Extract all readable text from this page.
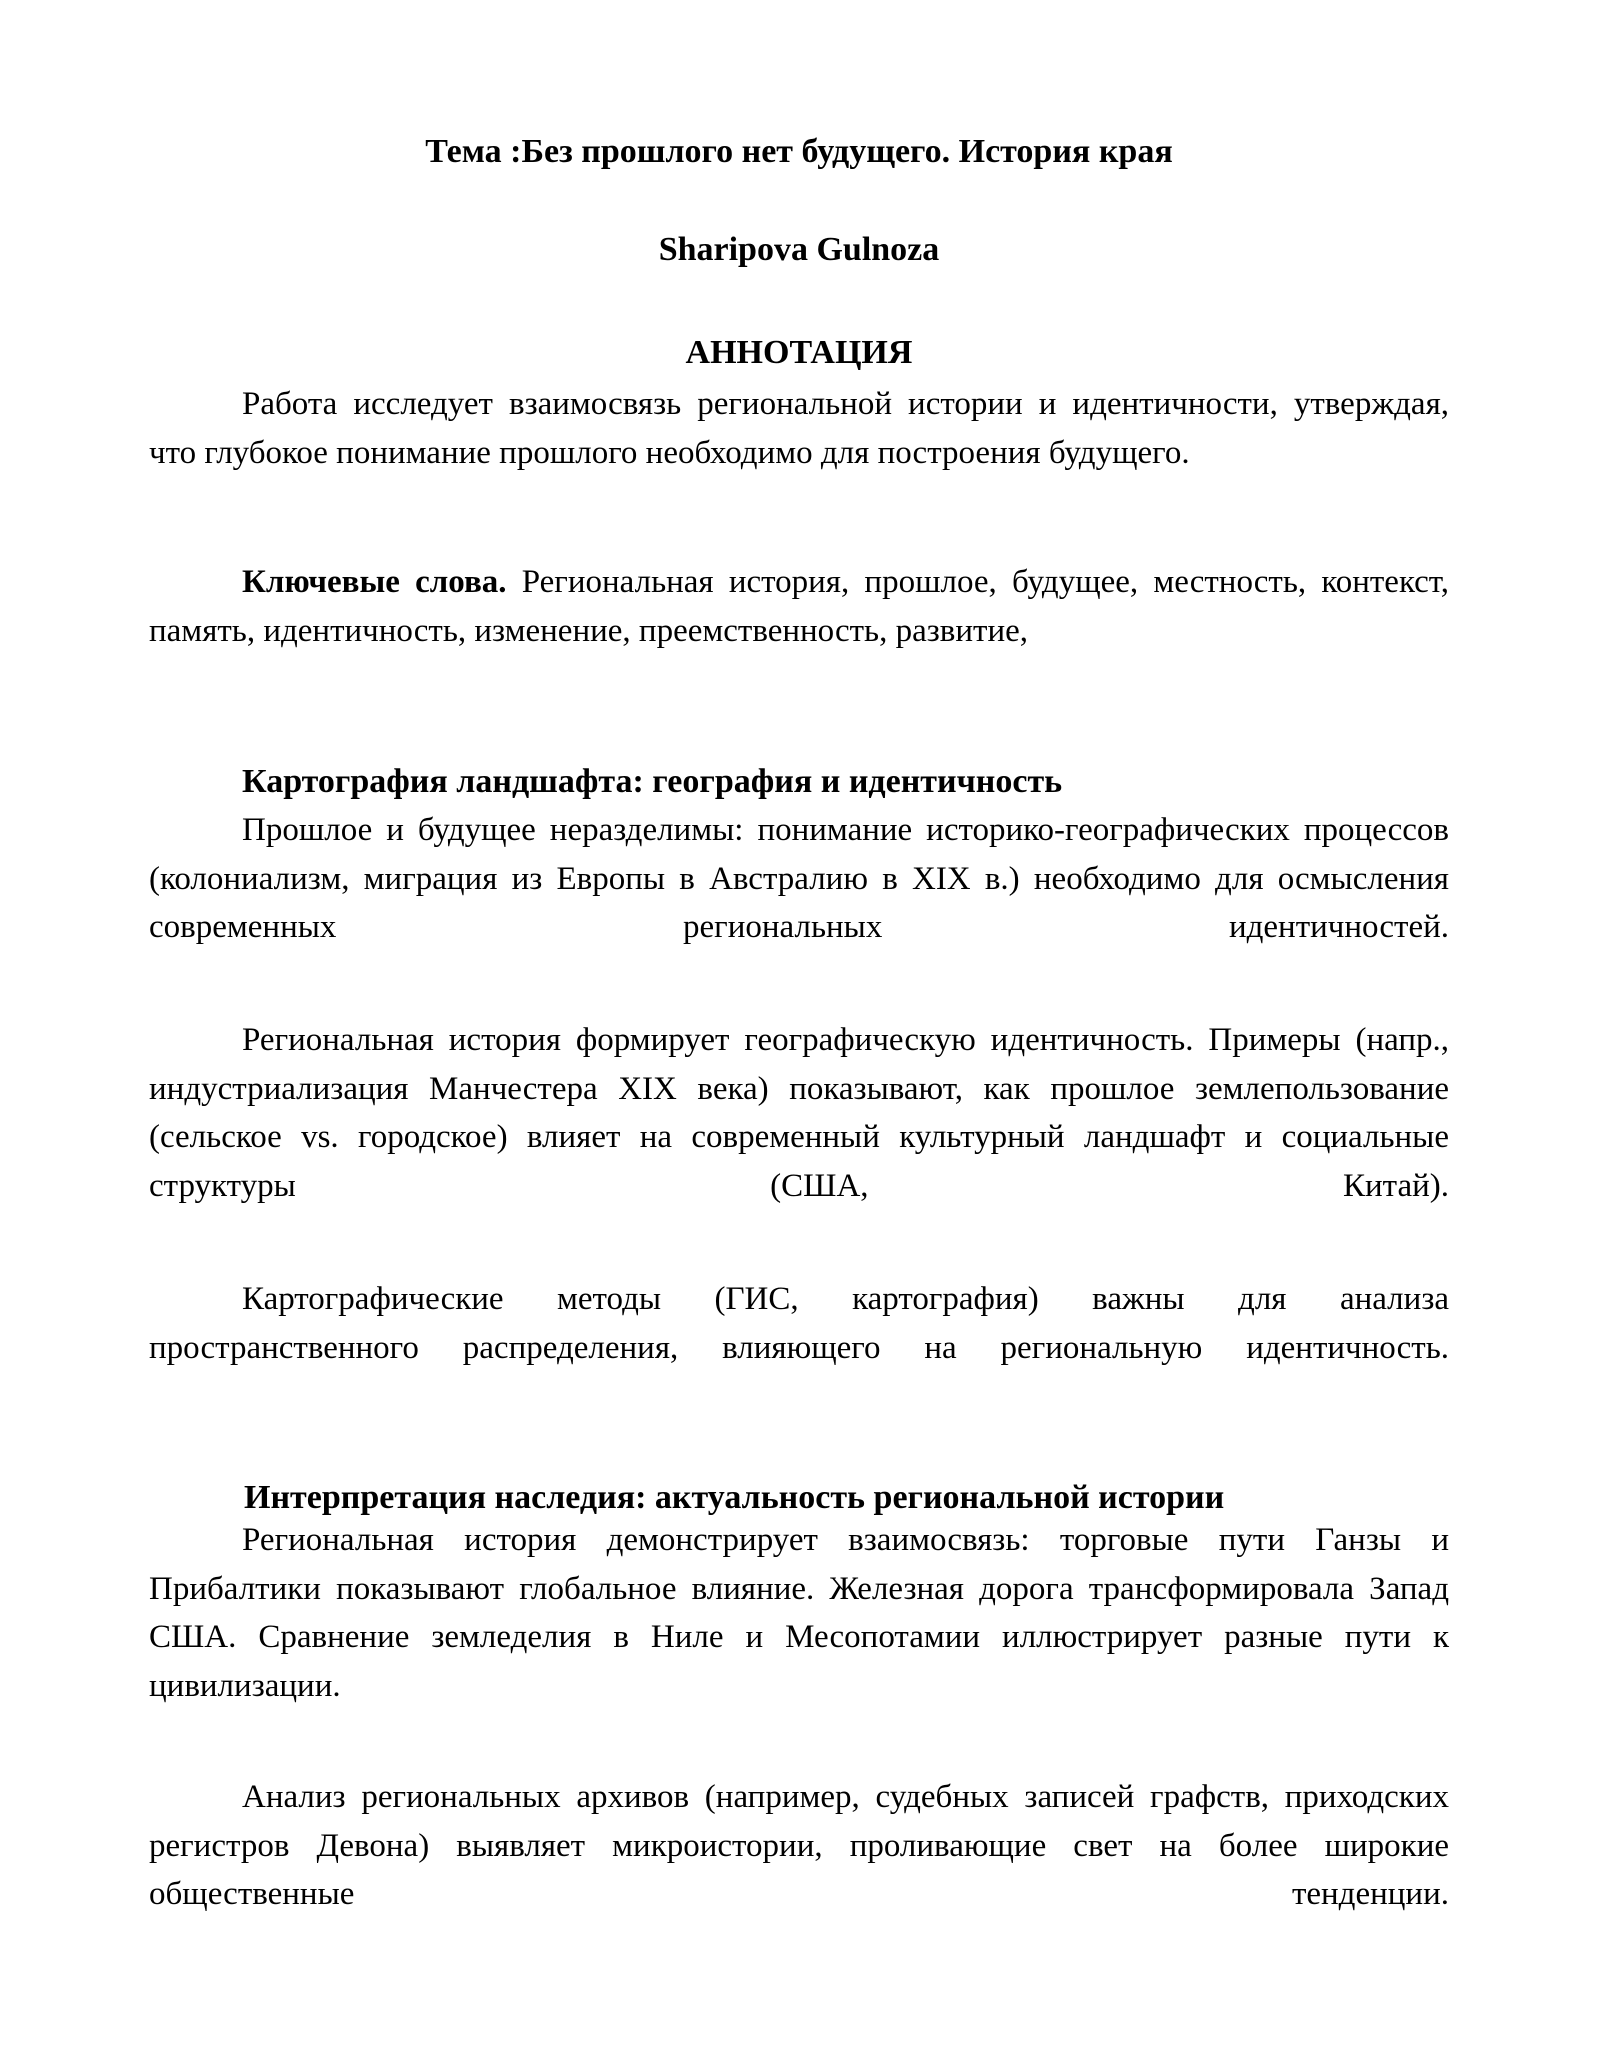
Тема :Без прошлого нет будущего. История края

Sharipova Gulnoza

АННОТАЦИЯ

Работа исследует взаимосвязь региональной истории и идентичности, утверждая, что глубокое понимание прошлого необходимо для построения будущего.

Ключевые слова. Региональная история, прошлое, будущее, местность, контекст, память, идентичность, изменение, преемственность, развитие,

Картография ландшафта: география и идентичность

Прошлое и будущее неразделимы: понимание историко-географических процессов (колониализм, миграция из Европы в Австралию в XIX в.) необходимо для осмысления современных региональных идентичностей.

Региональная история формирует географическую идентичность. Примеры (напр., индустриализация Манчестера XIX века) показывают, как прошлое землепользование (сельское vs. городское) влияет на современный культурный ландшафт и социальные структуры (США, Китай).

Картографические методы (ГИС, картография) важны для анализа пространственного распределения, влияющего на региональную идентичность.

Интерпретация наследия: актуальность региональной истории

Региональная история демонстрирует взаимосвязь: торговые пути Ганзы и Прибалтики показывают глобальное влияние. Железная дорога трансформировала Запад США. Сравнение земледелия в Ниле и Месопотамии иллюстрирует разные пути к цивилизации.

Анализ региональных архивов (например, судебных записей графств, приходских регистров Девона) выявляет микроистории, проливающие свет на более широкие общественные тенденции.
